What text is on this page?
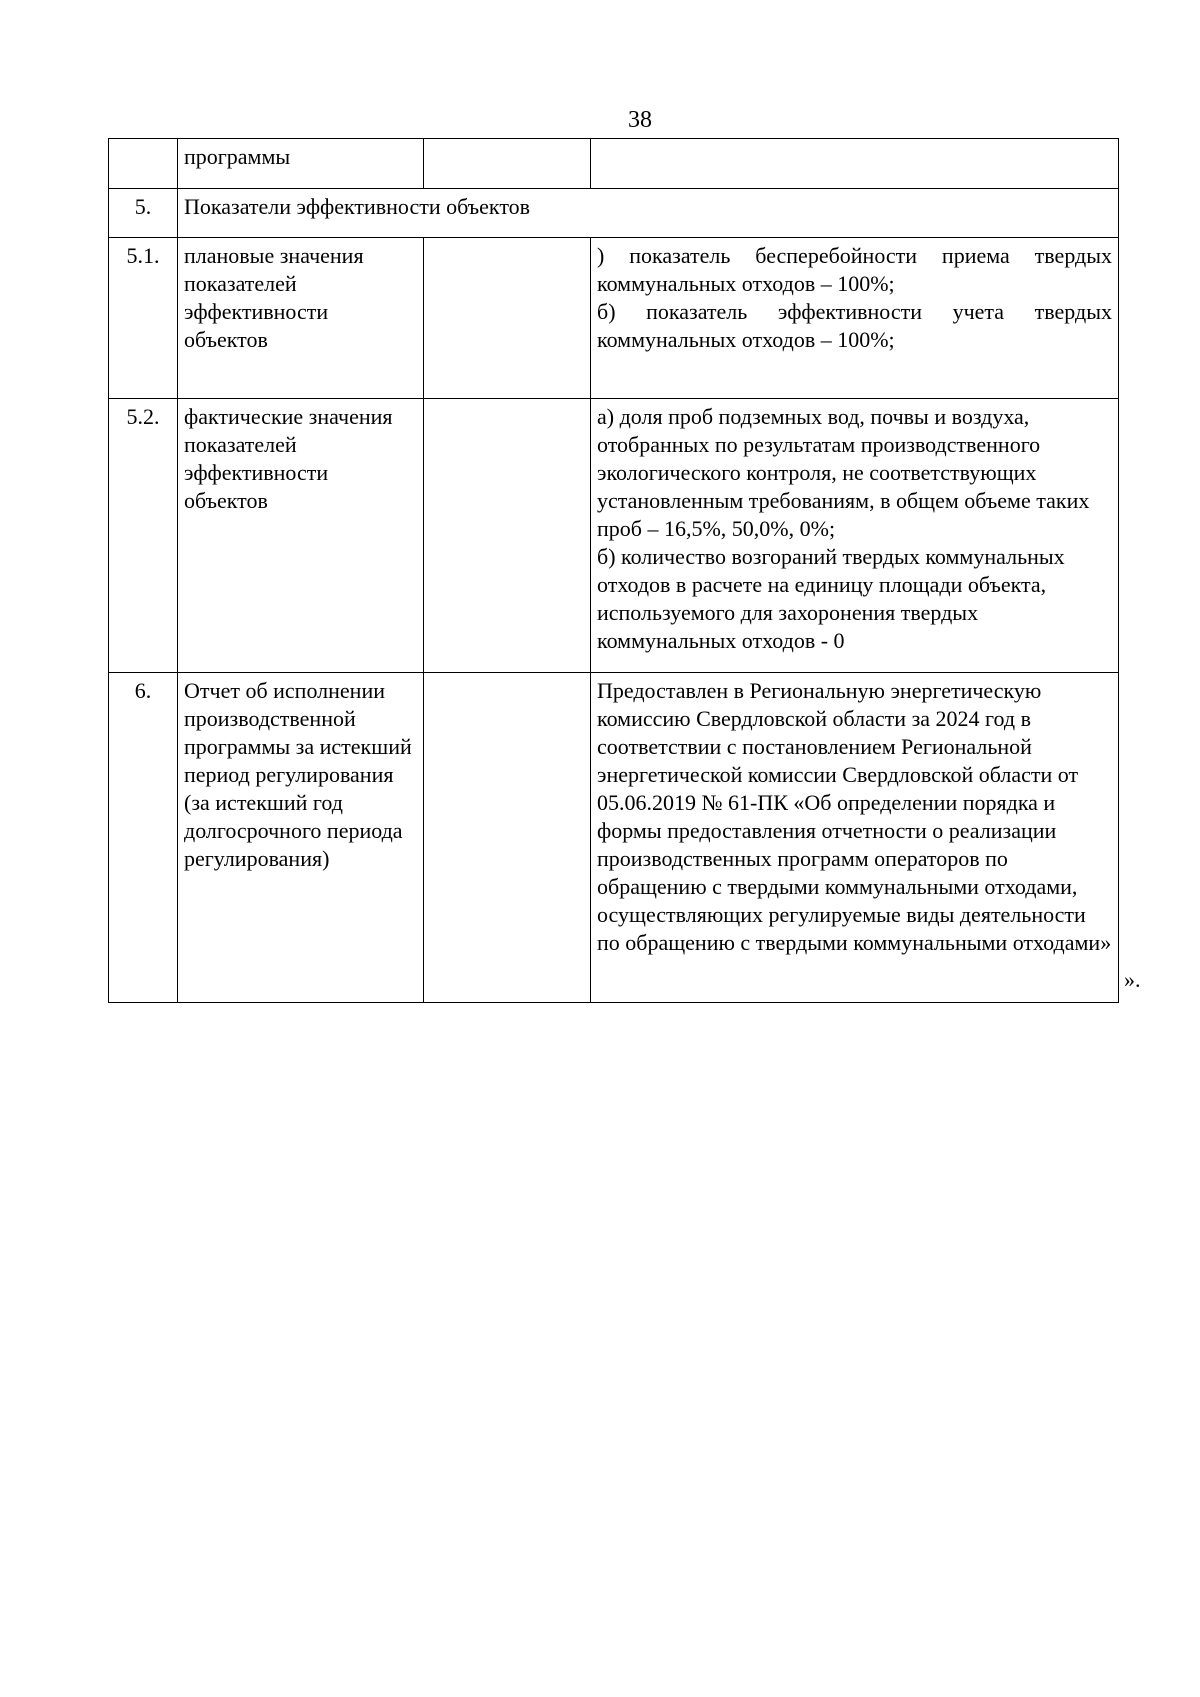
38
	программы		
5.	Показатели эффективности объектов		
5.1.	плановые значения показателей эффективности объектов		) показатель бесперебойности приема твердых коммунальных отходов – 100%;
б) показатель эффективности учета твердых коммунальных отходов – 100%;

5.2.	фактические значения показателей эффективности объектов		а) доля проб подземных вод, почвы и воздуха, отобранных по результатам производственного экологического контроля, не соответствующих установленным требованиям, в общем объеме таких проб – 16,5%, 50,0%, 0%;
б) количество возгораний твердых коммунальных отходов в расчете на единицу площади объекта, используемого для захоронения твердых коммунальных отходов - 0

6.	Отчет об исполнении производственной программы за истекший период регулирования (за истекший год долгосрочного периода регулирования)		Предоставлен в Региональную энергетическую комиссию Свердловской области за 2024 год в соответствии с постановлением Региональной энергетической комиссии Свердловской области от 05.06.2019 № 61-ПК «Об определении порядка и формы предоставления отчетности о реализации производственных программ операторов по обращению с твердыми коммунальными отходами, осуществляющих регулируемые виды деятельности по обращению с твердыми коммунальными отходами»
».
